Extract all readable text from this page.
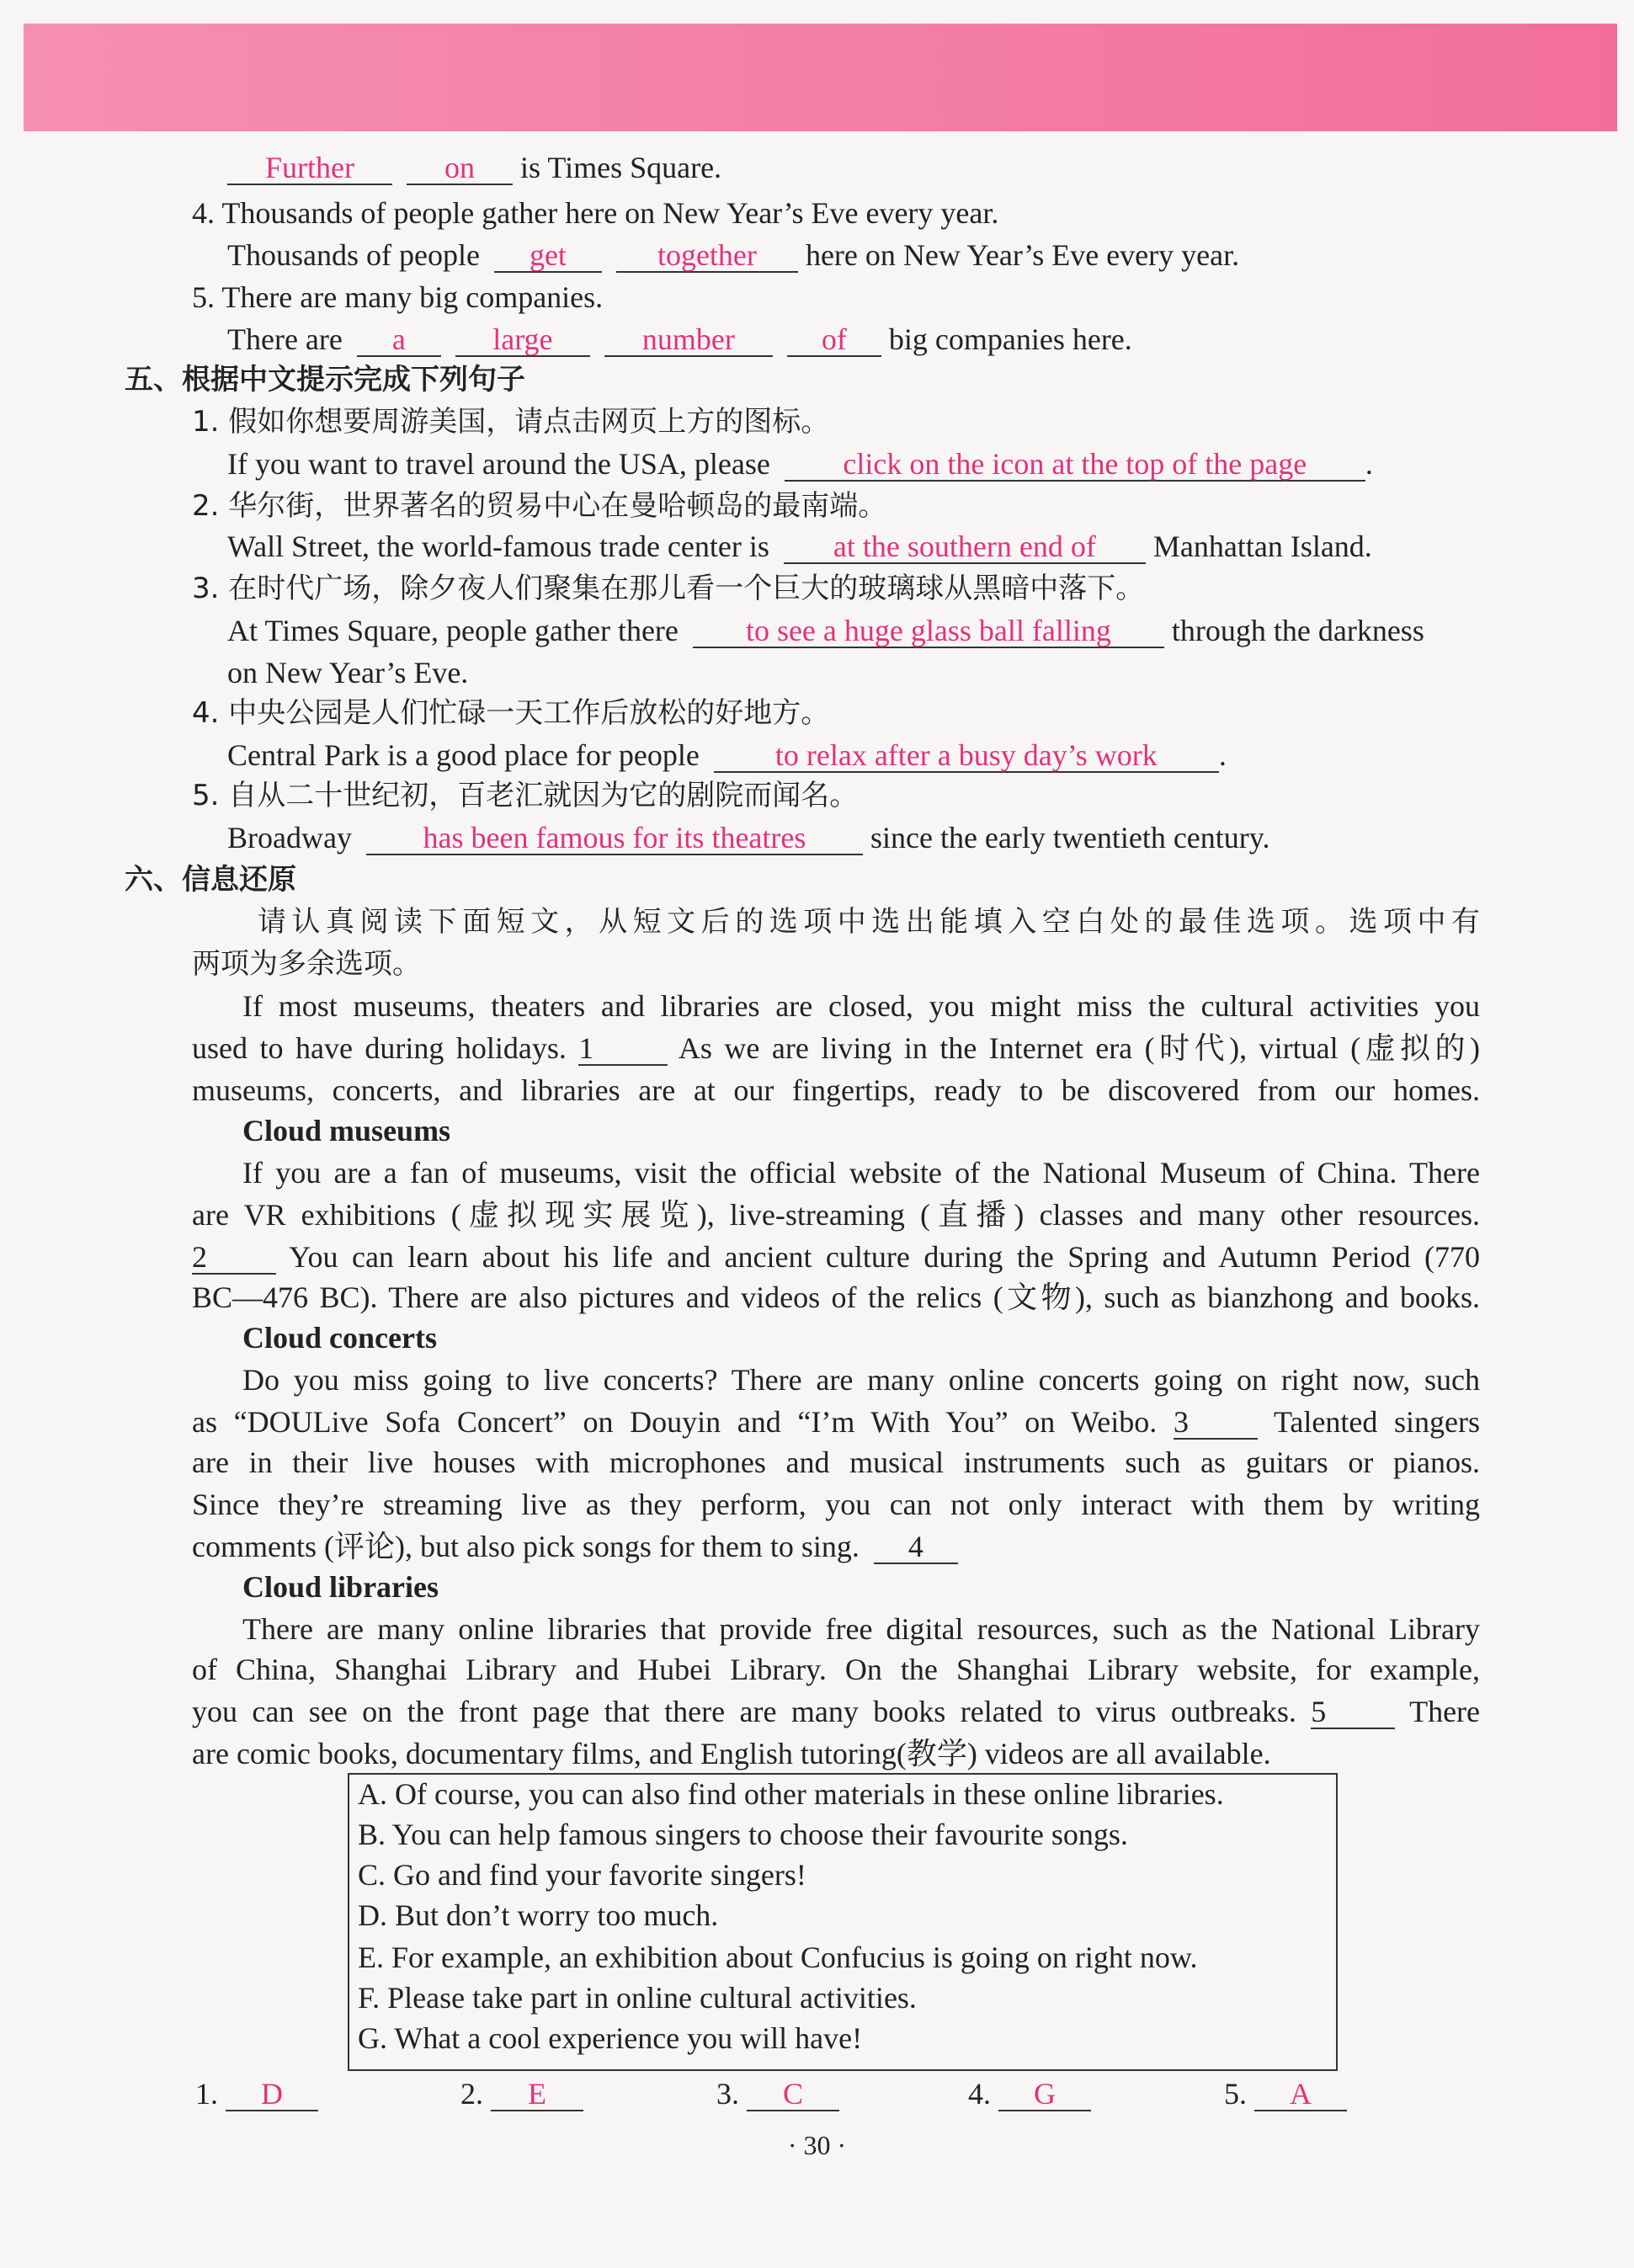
Further	on is Times Square.
4. Thousands of people gather here on New Year’s Eve every year.
Thousands of people get	together here on New Year’s Eve every year.
5. There are many big companies.
There are a	large	number	of big companies here.
五、根据中文提示完成下列句子
1. 假如你想要周游美国，请点击网页上方的图标。
If you want to travel around the USA, please click on the icon at the top of the page .
2. 华尔街，世界著名的贸易中心在曼哈顿岛的最南端。
Wall Street, the world-famous trade center is at the southern end of Manhattan Island.
3. 在时代广场，除夕夜人们聚集在那儿看一个巨大的玻璃球从黑暗中落下。
At Times Square, people gather there to see a huge glass ball falling through the darkness
on New Year’s Eve.
4. 中央公园是人们忙碌一天工作后放松的好地方。
Central Park is a good place for people	to relax after a busy day’s work .
5. 自从二十世纪初，百老汇就因为它的剧院而闻名。
Broadway has been famous for its theatres since the early twentieth century.
六、信息还原
请认真阅读下面短文，从短文后的选项中选出能填入空白处的最佳选项。选项中有
两项为多余选项。
If most museums, theaters and libraries are closed, you might miss the cultural activities you
used to have during holidays. 1	As we are living in the Internet era (时代), virtual (虚拟的)
museums, concerts, and libraries are at our fingertips, ready to be discovered from our homes.
Cloud museums
If you are a fan of museums, visit the official website of the National Museum of China. There
are VR exhibitions (虚拟现实展览), live-streaming (直播) classes and many other resources.
2	You can learn about his life and ancient culture during the Spring and Autumn Period (770
BC—476 BC). There are also pictures and videos of the relics (文物), such as bianzhong and books.
Cloud concerts
Do you miss going to live concerts? There are many online concerts going on right now, such
as “DOULive Sofa Concert” on Douyin and “I’m With You” on Weibo. 3	Talented singers
are in their live houses with microphones and musical instruments such as guitars or pianos.
Since they’re streaming live as they perform, you can not only interact with them by writing
comments (评论), but also pick songs for them to sing. 4
Cloud libraries
There are many online libraries that provide free digital resources, such as the National Library
of China, Shanghai Library and Hubei Library. On the Shanghai Library website, for example,
you can see on the front page that there are many books related to virus outbreaks. 5	There
are comic books, documentary films, and English tutoring(教学) videos are all available.
A. Of course, you can also find other materials in these online libraries.
B. You can help famous singers to choose their favourite songs.
C. Go and find your favorite singers!
D. But don’t worry too much.
E. For example, an exhibition about Confucius is going on right now.
F. Please take part in online cultural activities.
G. What a cool experience you will have!
1. D	2. E	3. C	4. G	5. A
· 30 ·
